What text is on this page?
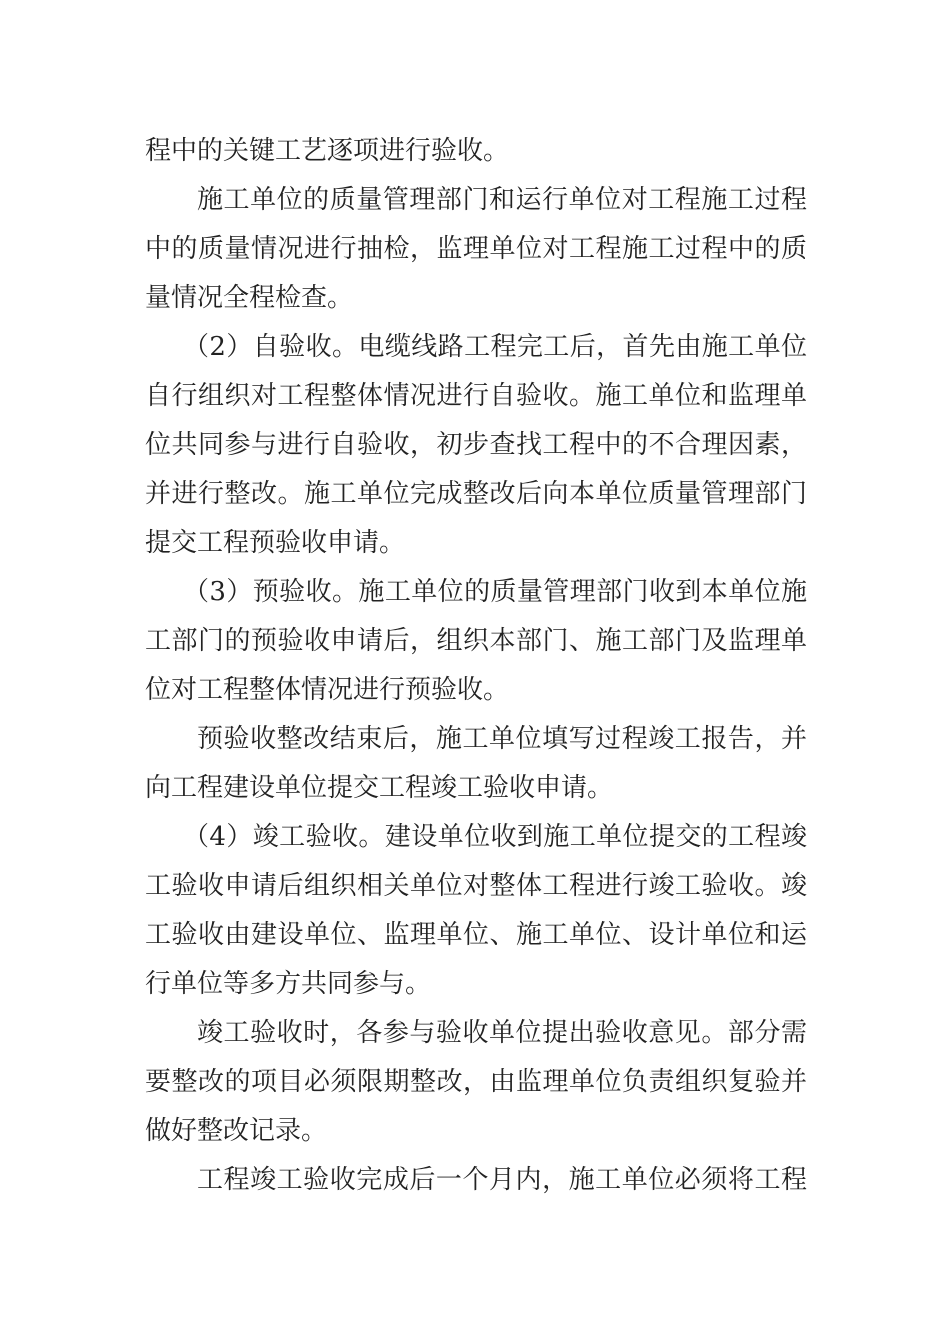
程中的关键工艺逐项进行验收。
施工单位的质量管理部门和运行单位对工程施工过程
中的质量情况进行抽检，监理单位对工程施工过程中的质
量情况全程检查。
（2）自验收。电缆线路工程完工后，首先由施工单位
自行组织对工程整体情况进行自验收。施工单位和监理单
位共同参与进行自验收，初步查找工程中的不合理因素，
并进行整改。施工单位完成整改后向本单位质量管理部门
提交工程预验收申请。
（3）预验收。施工单位的质量管理部门收到本单位施
工部门的预验收申请后，组织本部门、施工部门及监理单
位对工程整体情况进行预验收。
预验收整改结束后，施工单位填写过程竣工报告，并
向工程建设单位提交工程竣工验收申请。
（4）竣工验收。建设单位收到施工单位提交的工程竣
工验收申请后组织相关单位对整体工程进行竣工验收。竣
工验收由建设单位、监理单位、施工单位、设计单位和运
行单位等多方共同参与。
竣工验收时，各参与验收单位提出验收意见。部分需
要整改的项目必须限期整改，由监理单位负责组织复验并
做好整改记录。
工程竣工验收完成后一个月内，施工单位必须将工程
